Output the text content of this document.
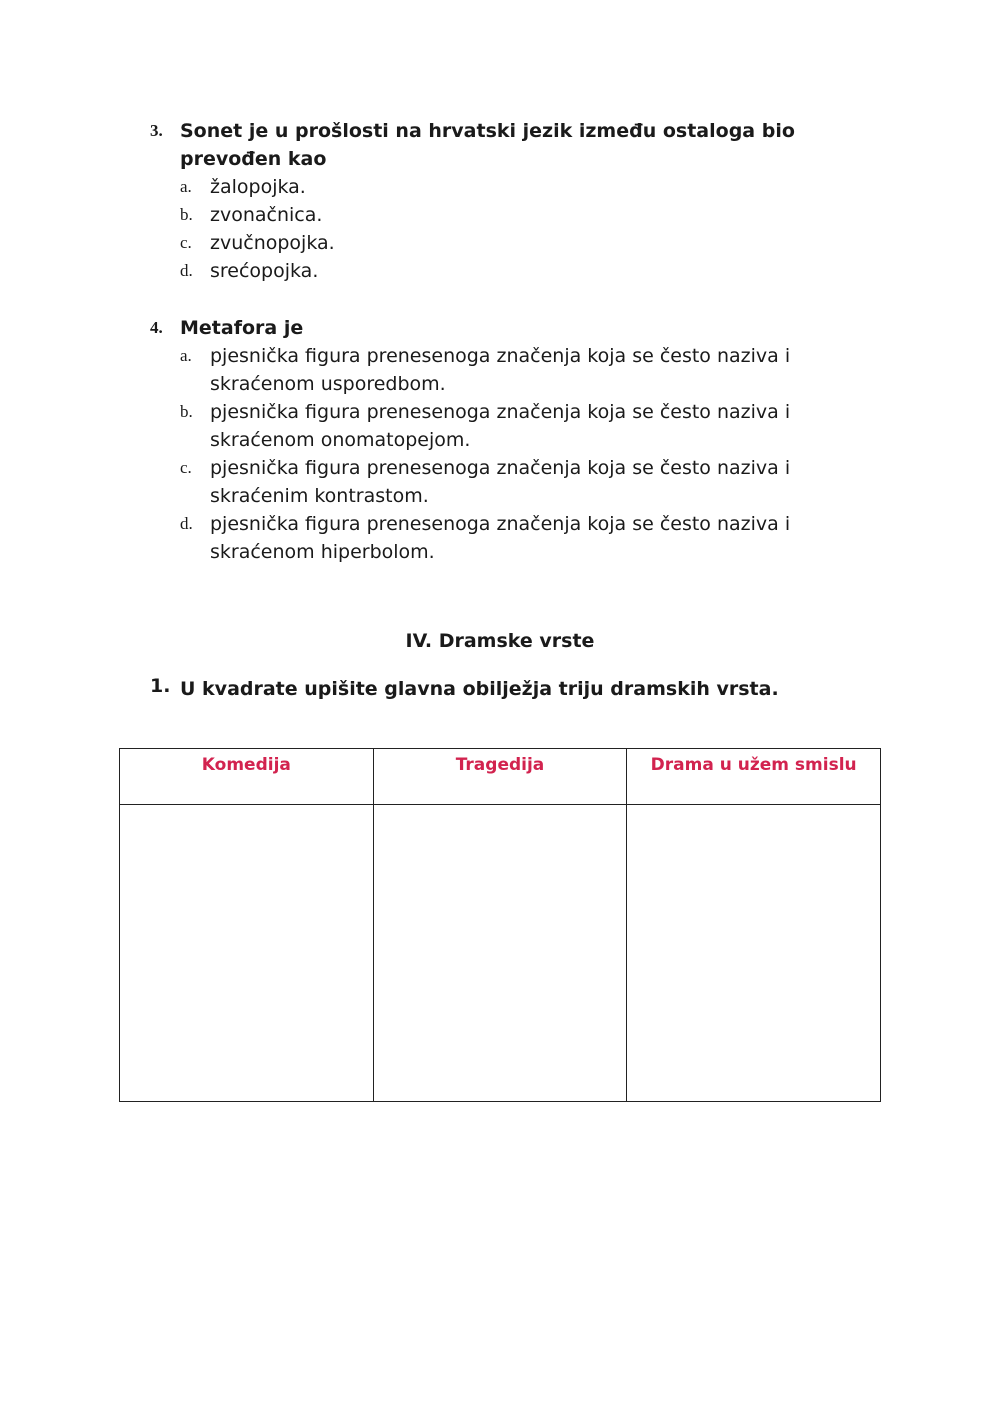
3. Sonet je u prošlosti na hrvatski jezik između ostaloga bio prevođen kao
a. žalopojka.
b. zvonačnica.
c. zvučnopojka.
d. srećopojka.
4. Metafora je
a. pjesnička figura prenesenoga značenja koja se često naziva i skraćenom usporedbom.
b. pjesnička figura prenesenoga značenja koja se često naziva i skraćenom onomatopejom.
c. pjesnička figura prenesenoga značenja koja se često naziva i skraćenim kontrastom.
d. pjesnička figura prenesenoga značenja koja se često naziva i skraćenom hiperbolom.
IV. Dramske vrste
1. U kvadrate upišite glavna obilježja triju dramskih vrsta.
Komedija	Tragedija	Drama u užem smislu
